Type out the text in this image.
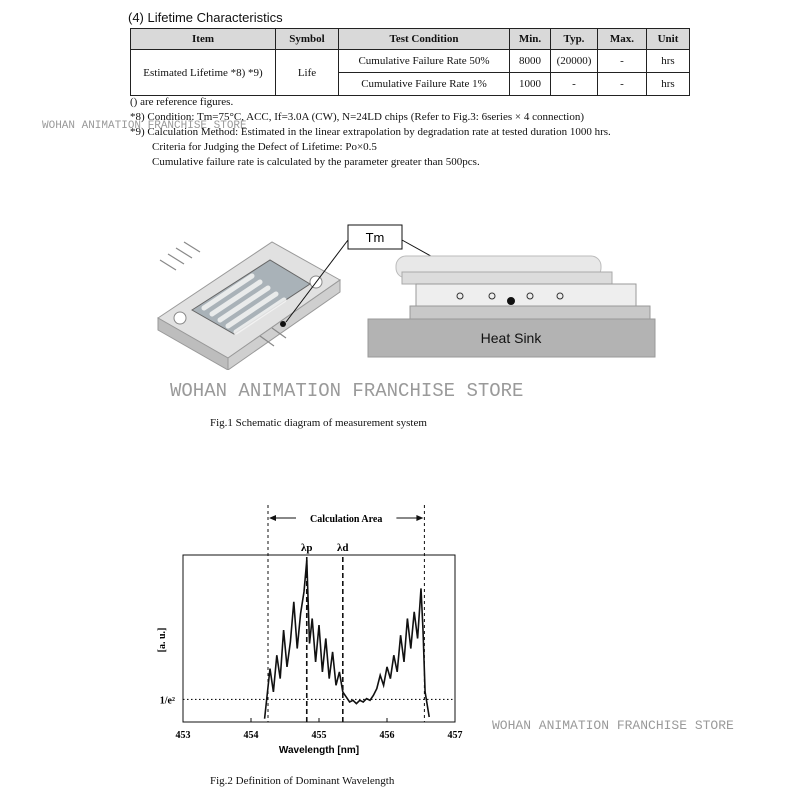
(4) Lifetime Characteristics
Item	Symbol	Test Condition	Min.	Typ.	Max.	Unit
Estimated Lifetime *8) *9)	Life	Cumulative Failure Rate 50%	8000	(20000)	-	hrs
		Cumulative Failure Rate 1%	1000	-	-	hrs
() are reference figures.
*8) Condition: Tm=75°C, ACC, If=3.0A (CW), N=24LD chips (Refer to Fig.3: 6series × 4 connection)
*9) Calculation Method: Estimated in the linear extrapolation by degradation rate at tested duration 1000 hrs.
Criteria for Judging the Defect of Lifetime: Po×0.5
Cumulative failure rate is calculated by the parameter greater than 500pcs.
WOHAN ANIMATION FRANCHISE STORE
Tm
Heat Sink
WOHAN ANIMATION FRANCHISE STORE
Fig.1 Schematic diagram of measurement system
Calculation Area
λp λd
1/e²
[a. u.]
Wavelength [nm]
453	454	455	456	457
WOHAN ANIMATION FRANCHISE STORE
Fig.2 Definition of Dominant Wavelength
